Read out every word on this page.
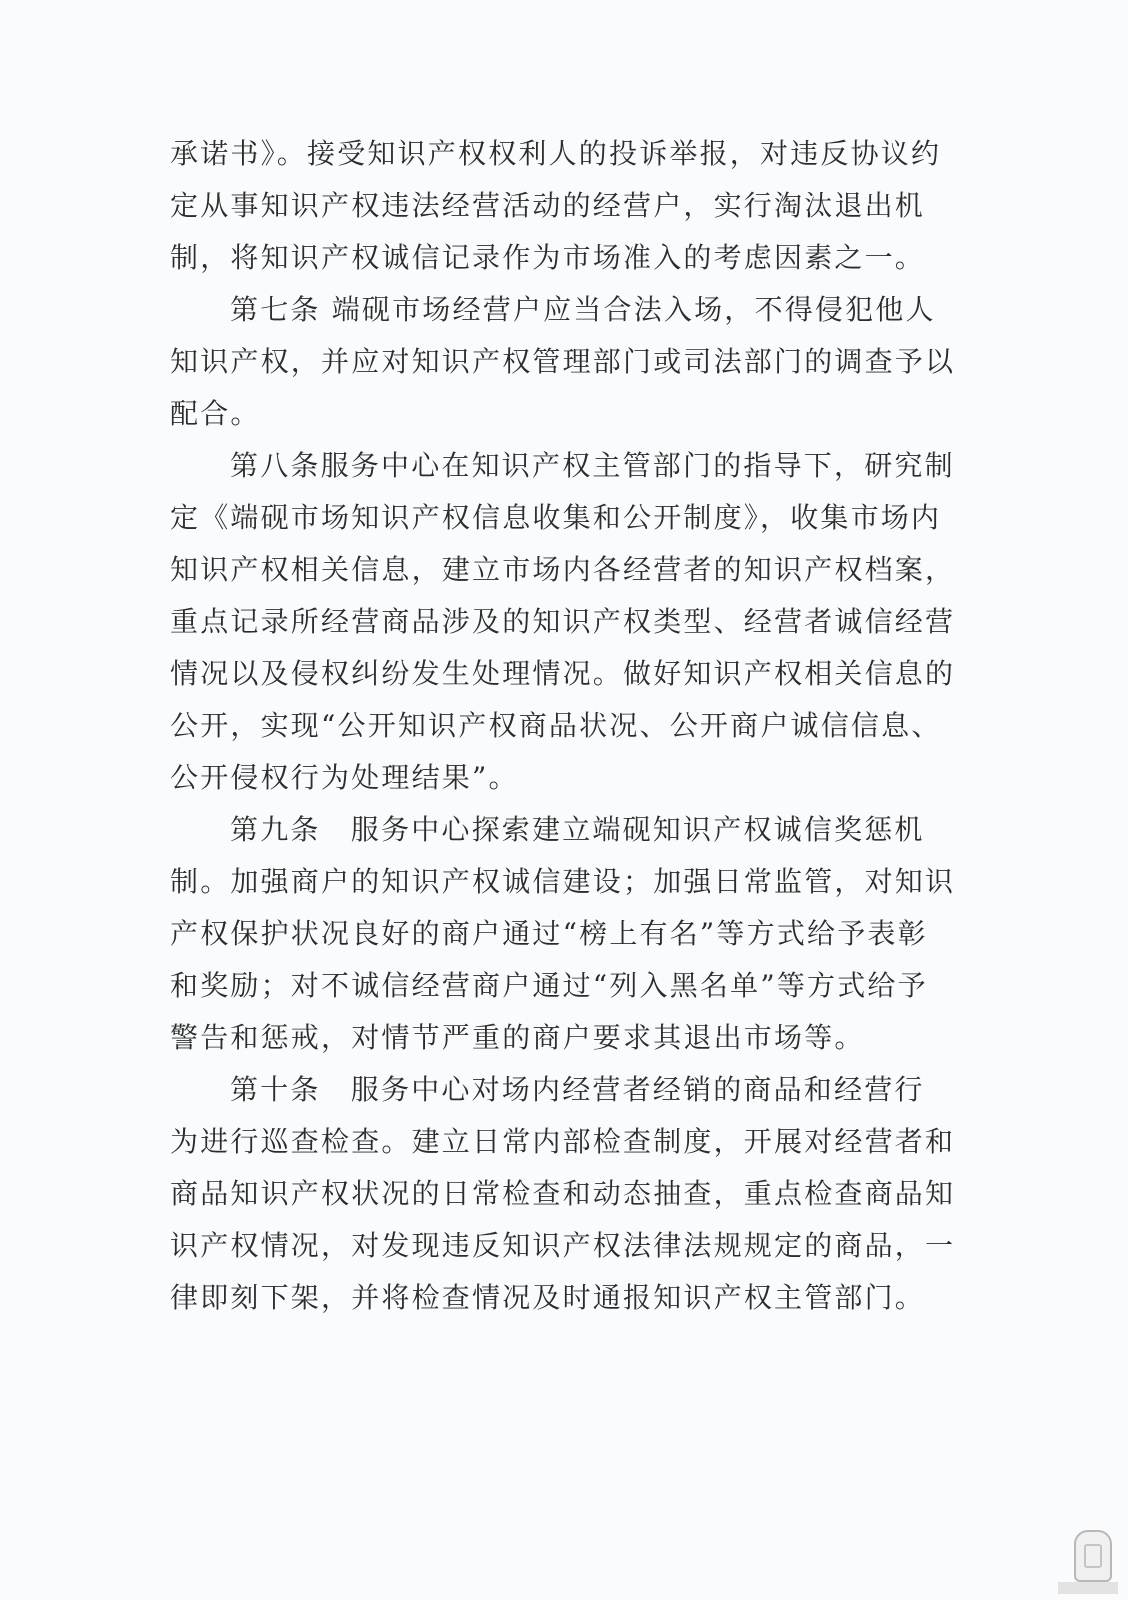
承诺书》。接受知识产权权利人的投诉举报，对违反协议约
定从事知识产权违法经营活动的经营户，实行淘汰退出机
制，将知识产权诚信记录作为市场准入的考虑因素之一。
第七条 端砚市场经营户应当合法入场，不得侵犯他人
知识产权，并应对知识产权管理部门或司法部门的调查予以
配合。
第八条服务中心在知识产权主管部门的指导下，研究制
定《端砚市场知识产权信息收集和公开制度》，收集市场内
知识产权相关信息，建立市场内各经营者的知识产权档案，
重点记录所经营商品涉及的知识产权类型、经营者诚信经营
情况以及侵权纠纷发生处理情况。做好知识产权相关信息的
公开，实现“公开知识产权商品状况、公开商户诚信信息、
公开侵权行为处理结果”。
第九条　服务中心探索建立端砚知识产权诚信奖惩机
制。加强商户的知识产权诚信建设；加强日常监管，对知识
产权保护状况良好的商户通过“榜上有名”等方式给予表彰
和奖励；对不诚信经营商户通过“列入黑名单”等方式给予
警告和惩戒，对情节严重的商户要求其退出市场等。
第十条　服务中心对场内经营者经销的商品和经营行
为进行巡查检查。建立日常内部检查制度，开展对经营者和
商品知识产权状况的日常检查和动态抽查，重点检查商品知
识产权情况，对发现违反知识产权法律法规规定的商品，一
律即刻下架，并将检查情况及时通报知识产权主管部门。
